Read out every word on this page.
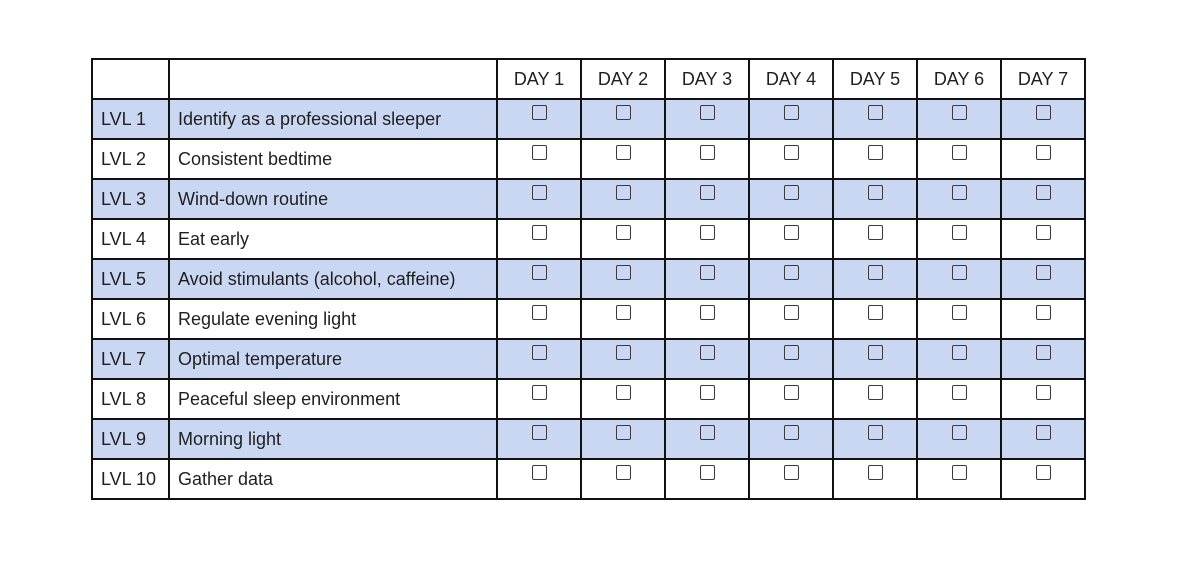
		DAY 1	DAY 2	DAY 3	DAY 4	DAY 5	DAY 6	DAY 7
LVL 1	Identify as a professional sleeper							
LVL 2	Consistent bedtime							
LVL 3	Wind-down routine							
LVL 4	Eat early							
LVL 5	Avoid stimulants (alcohol, caffeine)							
LVL 6	Regulate evening light							
LVL 7	Optimal temperature							
LVL 8	Peaceful sleep environment							
LVL 9	Morning light							
LVL 10	Gather data							
